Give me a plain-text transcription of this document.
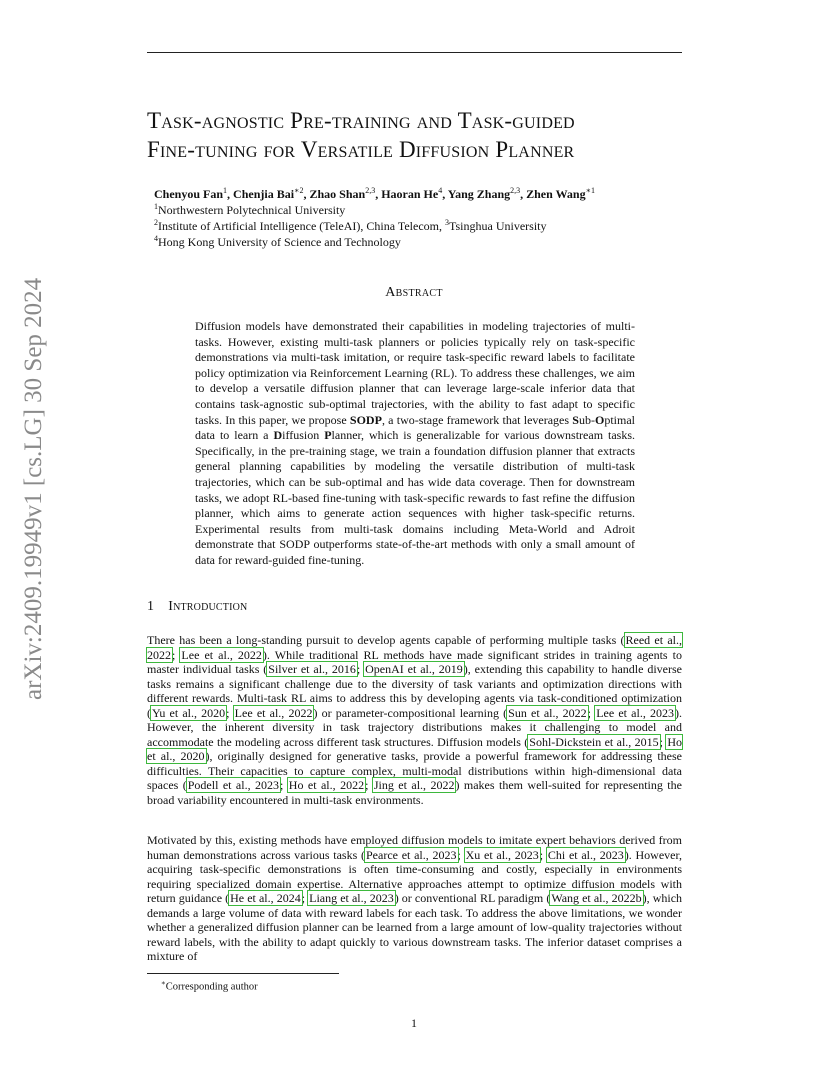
arXiv:2409.19949v1 [cs.LG] 30 Sep 2024
Task-agnostic Pre-training and Task-guided
Fine-tuning for Versatile Diffusion Planner
Chenyou Fan$^1$, Chenjia Bai$^{∗2}$, Zhao Shan$^{2,3}$, Haoran He$^4$, Yang Zhang$^{2,3}$, Zhen Wang$^{∗1}$
$^1$Northwestern Polytechnical University
$^2$Institute of Artificial Intelligence (TeleAI), China Telecom, $^3$Tsinghua University
$^4$Hong Kong University of Science and Technology
Abstract
Diffusion models have demonstrated their capabilities in modeling trajectories of multi-tasks. However, existing multi-task planners or policies typically rely on task-specific demonstrations via multi-task imitation, or require task-specific reward labels to facilitate policy optimization via Reinforcement Learning (RL). To address these challenges, we aim to develop a versatile diffusion planner that can leverage large-scale inferior data that contains task-agnostic sub-optimal trajectories, with the ability to fast adapt to specific tasks. In this paper, we propose SODP, a two-stage framework that leverages Sub-Optimal data to learn a Diffusion Planner, which is generalizable for various downstream tasks. Specifically, in the pre-training stage, we train a foundation diffusion planner that extracts general planning capabilities by modeling the versatile distribution of multi-task trajectories, which can be sub-optimal and has wide data coverage. Then for downstream tasks, we adopt RL-based fine-tuning with task-specific rewards to fast refine the diffusion planner, which aims to generate action sequences with higher task-specific returns. Experimental results from multi-task domains including Meta-World and Adroit demonstrate that SODP outperforms state-of-the-art methods with only a small amount of data for reward-guided fine-tuning.
1 Introduction
There has been a long-standing pursuit to develop agents capable of performing multiple tasks (Reed et al., 2022; Lee et al., 2022). While traditional RL methods have made significant strides in training agents to master individual tasks (Silver et al., 2016; OpenAI et al., 2019), extending this capability to handle diverse tasks remains a significant challenge due to the diversity of task variants and optimization directions with different rewards. Multi-task RL aims to address this by developing agents via task-conditioned optimization (Yu et al., 2020; Lee et al., 2022) or parameter-compositional learning (Sun et al., 2022; Lee et al., 2023). However, the inherent diversity in task trajectory distributions makes it challenging to model and accommodate the modeling across different task structures. Diffusion models (Sohl-Dickstein et al., 2015; Ho et al., 2020), originally designed for generative tasks, provide a powerful framework for addressing these difficulties. Their capacities to capture complex, multi-modal distributions within high-dimensional data spaces (Podell et al., 2023; Ho et al., 2022; Jing et al., 2022) makes them well-suited for representing the broad variability encountered in multi-task environments.
Motivated by this, existing methods have employed diffusion models to imitate expert behaviors derived from human demonstrations across various tasks (Pearce et al., 2023; Xu et al., 2023; Chi et al., 2023). However, acquiring task-specific demonstrations is often time-consuming and costly, especially in environments requiring specialized domain expertise. Alternative approaches attempt to optimize diffusion models with return guidance (He et al., 2024; Liang et al., 2023) or conventional RL paradigm (Wang et al., 2022b), which demands a large volume of data with reward labels for each task. To address the above limitations, we wonder whether a generalized diffusion planner can be learned from a large amount of low-quality trajectories without reward labels, with the ability to adapt quickly to various downstream tasks. The inferior dataset comprises a mixture of
∗Corresponding author
1
